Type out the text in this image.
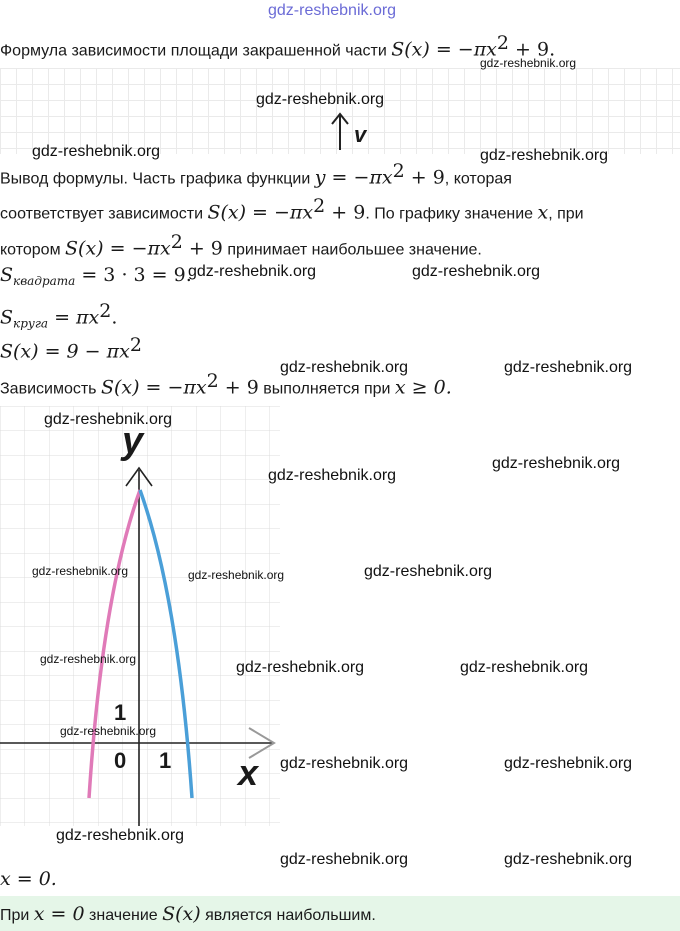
gdz-reshebnik.org
Формула зависимости площади закрашенной части $S(x) = -\pi x^2 + 9$.
v
Вывод формулы. Часть графика функции $y = -\pi x^2 + 9$, которая
соответствует зависимости $S(x) = -\pi x^2 + 9$. По графику значение x, при
котором $S(x) = -\pi x^2 + 9$ принимает наибольшее значение.
$S_{квадрата} = 3 \cdot 3 = 9$.
$S_{круга} = \pi x^2$.
$S(x) = 9 - \pi x^2$
Зависимость $S(x) = -\pi x^2 + 9$ выполняется при x ≥ 0.
y
x
1
0 1
x = 0.
При x = 0 значение S(x) является наибольшим.
gdz-reshebnik.org
gdz-reshebnik.org
gdz-reshebnik.org	gdz-reshebnik.org
gdz-reshebnik.org	gdz-reshebnik.org
gdz-reshebnik.org	gdz-reshebnik.org
gdz-reshebnik.org
gdz-reshebnik.org
gdz-reshebnik.org
gdz-reshebnik.org	gdz-reshebnik.org	gdz-reshebnik.org
gdz-reshebnik.org	gdz-reshebnik.org	gdz-reshebnik.org
gdz-reshebnik.org
gdz-reshebnik.org	gdz-reshebnik.org
gdz-reshebnik.org
gdz-reshebnik.org	gdz-reshebnik.org
